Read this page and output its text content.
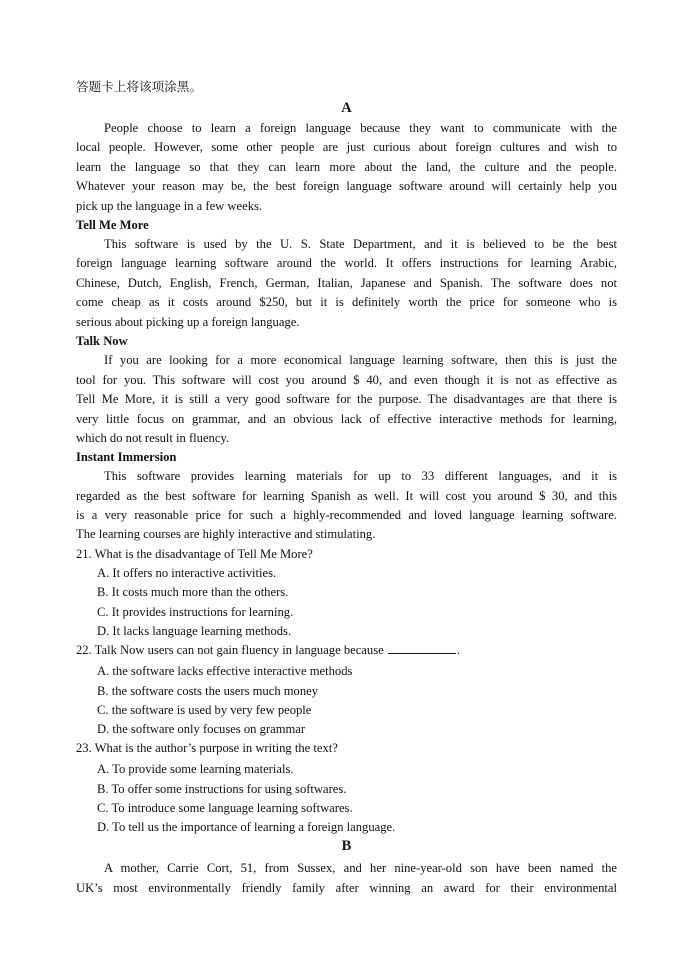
答题卡上将该项涂黑。
A
People choose to learn a foreign language because they want to communicate with the
local people. However, some other people are just curious about foreign cultures and wish to
learn the language so that they can learn more about the land, the culture and the people.
Whatever your reason may be, the best foreign language software around will certainly help you
pick up the language in a few weeks.
Tell Me More
This software is used by the U. S. State Department, and it is believed to be the best
foreign language learning software around the world. It offers instructions for learning Arabic,
Chinese, Dutch, English, French, German, Italian, Japanese and Spanish. The software does not
come cheap as it costs around $250, but it is definitely worth the price for someone who is
serious about picking up a foreign language.
Talk Now
If you are looking for a more economical language learning software, then this is just the
tool for you. This software will cost you around $ 40, and even though it is not as effective as
Tell Me More, it is still a very good software for the purpose. The disadvantages are that there is
very little focus on grammar, and an obvious lack of effective interactive methods for learning,
which do not result in fluency.
Instant Immersion
This software provides learning materials for up to 33 different languages, and it is
regarded as the best software for learning Spanish as well. It will cost you around $ 30, and this
is a very reasonable price for such a highly-recommended and loved language learning software.
The learning courses are highly interactive and stimulating.
21. What is the disadvantage of Tell Me More?
A. It offers no interactive activities.
B. It costs much more than the others.
C. It provides instructions for learning.
D. It lacks language learning methods.
22. Talk Now users can not gain fluency in language because	.
A. the software lacks effective interactive methods
B. the software costs the users much money
C. the software is used by very few people
D. the software only focuses on grammar
23. What is the author’s purpose in writing the text?
A. To provide some learning materials.
B. To offer some instructions for using softwares.
C. To introduce some language learning softwares.
D. To tell us the importance of learning a foreign language.
B
A mother, Carrie Cort, 51, from Sussex, and her nine-year-old son have been named the
UK’s most environmentally friendly family after winning an award for their environmental
